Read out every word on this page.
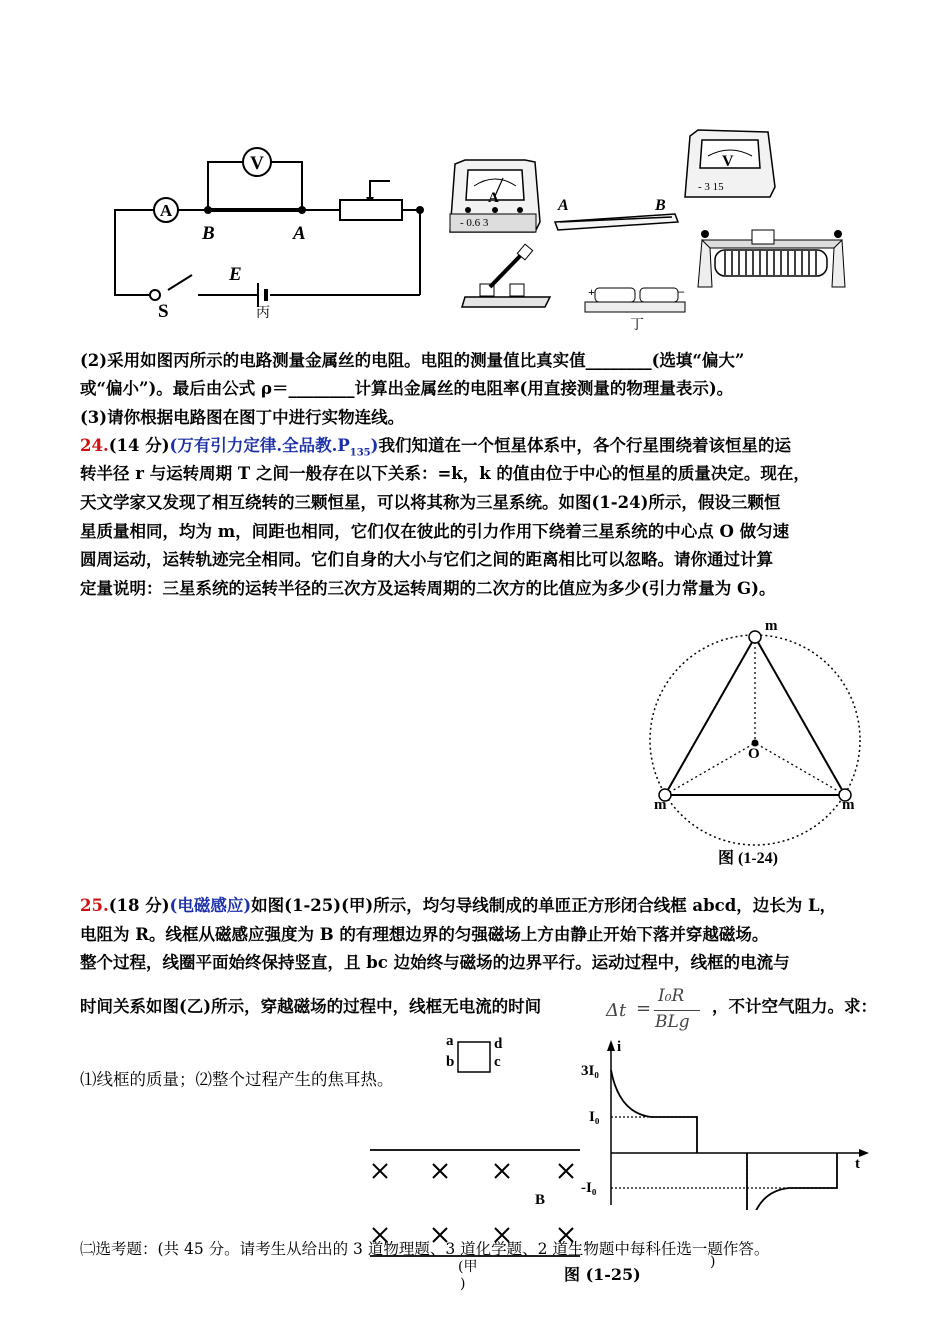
A
V
B	A
E
S	丙
A
- 0.6 3
A	B
V
- 3 15
+	−
丁
(2)采用如图丙所示的电路测量金属丝的电阻。电阻的测量值比真实值________(选填“偏大”
或“偏小”)。最后由公式 ρ＝________计算出金属丝的电阻率(用直接测量的物理量表示)。
(3)请你根据电路图在图丁中进行实物连线。
24.(14 分)(万有引力定律.全品教$.P_{135}$)我们知道在一个恒星体系中，各个行星围绕着该恒星的运
转半径 r 与运转周期 T 之间一般存在以下关系：=k，k 的值由位于中心的恒星的质量决定。现在，
天文学家又发现了相互绕转的三颗恒星，可以将其称为三星系统。如图(1-24)所示，假设三颗恒
星质量相同，均为 m，间距也相同，它们仅在彼此的引力作用下绕着三星系统的中心点 O 做匀速
圆周运动，运转轨迹完全相同。它们自身的大小与它们之间的距离相比可以忽略。请你通过计算
定量说明：三星系统的运转半径的三次方及运转周期的二次方的比值应为多少(引力常量为 G)。
m
m	m
O
图 (1-24)
25.(18 分)(电磁感应)如图(1-25)(甲)所示，均匀导线制成的单匝正方形闭合线框 abcd，边长为 L，
电阻为 R。线框从磁感应强度为 B 的有理想边界的匀强磁场上方由静止开始下落并穿越磁场。
整个过程，线圈平面始终保持竖直，且 bc 边始终与磁场的边界平行。运动过程中，线框的电流与
时间关系如图(乙)所示，穿越磁场的过程中，线框无电流的时间	Δt =
I₀R
BLg
，不计空气阻力。求：
⑴线框的质量；⑵整个过程产生的焦耳热。
a
b	c
d
B
i
t
3I₀
I₀
-I₀
㈡选考题：(共 45 分。请考生从给出的 3 道物理题、3 道化学题、2 道生物题中每科任选一题作答。
(甲
)	图 (1-25)
)
